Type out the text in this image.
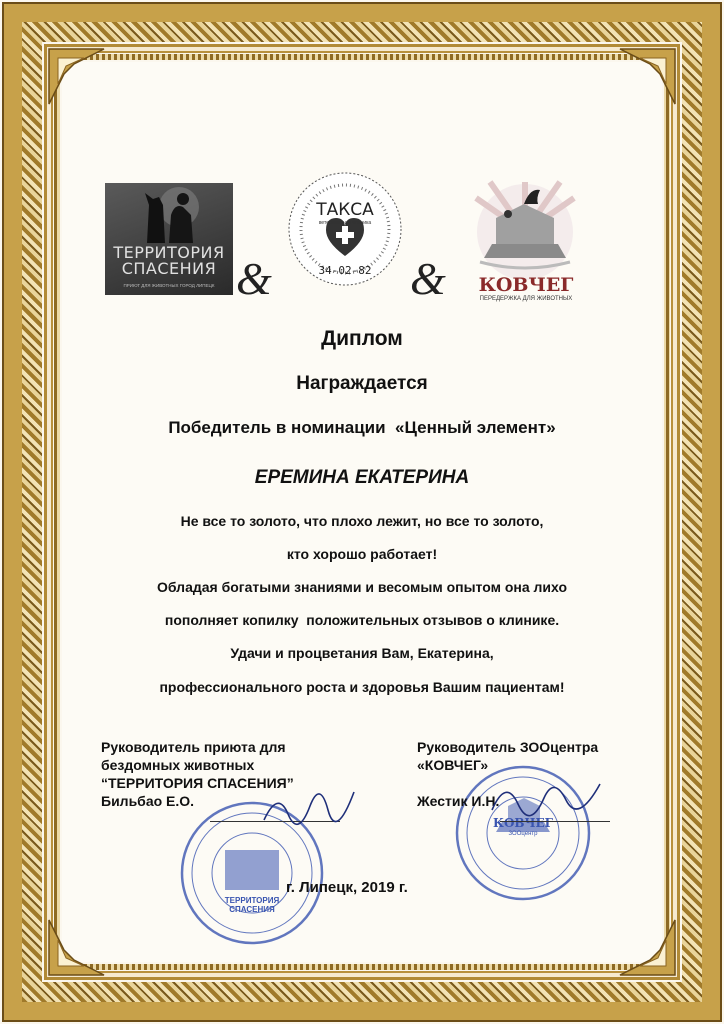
ТЕРРИТОРИЯ СПАСЕНИЯ
ПРИЮТ ДЛЯ ЖИВОТНЫХ ГОРОД ЛИПЕЦК &
ТАКСА
ветеринарная клиника
34-02-82 & КОВЧЕГ
ПЕРЕДЕРЖКА ДЛЯ ЖИВОТНЫХ
Диплом
Награждается
Победитель в номинации  «Ценный элемент»
ЕРЕМИНА ЕКАТЕРИНА
Не все то золото, что плохо лежит, но все то золото,
кто хорошо работает!
Обладая богатыми знаниями и весомым опытом она лихо
пополняет копилку  положительных отзывов о клинике.
Удачи и процветания Вам, Екатерина,
профессионального роста и здоровья Вашим пациентам!
ТЕРРИТОРИЯ СПАСЕНИЯ
КОВЧЕГ
ЗООцентр
Руководитель приюта для
бездомных животных
“ТЕРРИТОРИЯ СПАСЕНИЯ”
Бильбао Е.О.
Руководитель ЗООцентра
«КОВЧЕГ»
Жестик И.Н.
г. Липецк, 2019 г.
